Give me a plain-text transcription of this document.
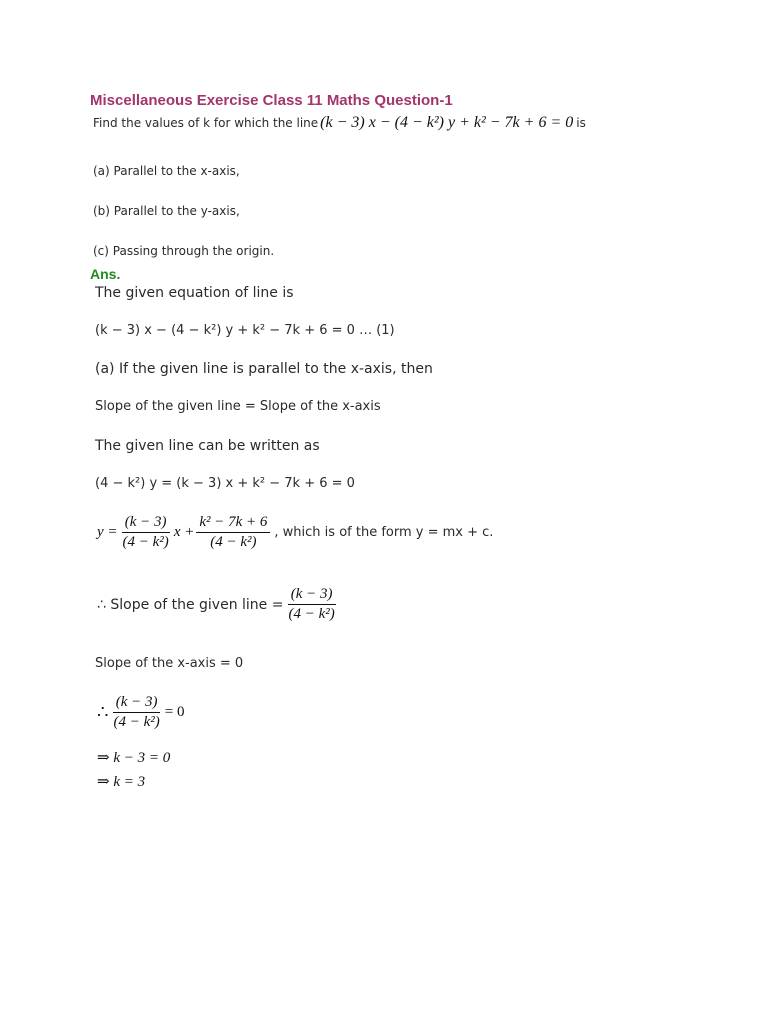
Miscellaneous Exercise Class 11 Maths Question-1
Find the values of k for which the line (k − 3) x − (4 − k²) y + k² − 7k + 6 = 0 is
(a) Parallel to the x-axis,
(b) Parallel to the y-axis,
(c) Passing through the origin.
Ans.
The given equation of line is
(k − 3) x − (4 − k²) y + k² − 7k + 6 = 0 … (1)
(a) If the given line is parallel to the x-axis, then
Slope of the given line = Slope of the x-axis
The given line can be written as
(4 − k²) y = (k − 3) x + k² − 7k + 6 = 0
$y = \frac{(k - 3)}{\text{(4 − k²)}}$ $x + \frac{\text{k² − 7k + 6}}{\text{(4 − k²)}}$ , which is of the form y = mx + c.
∴ Slope of the given line = $\frac{(k - 3)}{\text{(4 − k²)}}$
Slope of the x-axis = 0
∴ $\frac{(k - 3)}{\text{(4 − k²)}} = 0$
⇒ k − 3 = 0
⇒ k = 3
